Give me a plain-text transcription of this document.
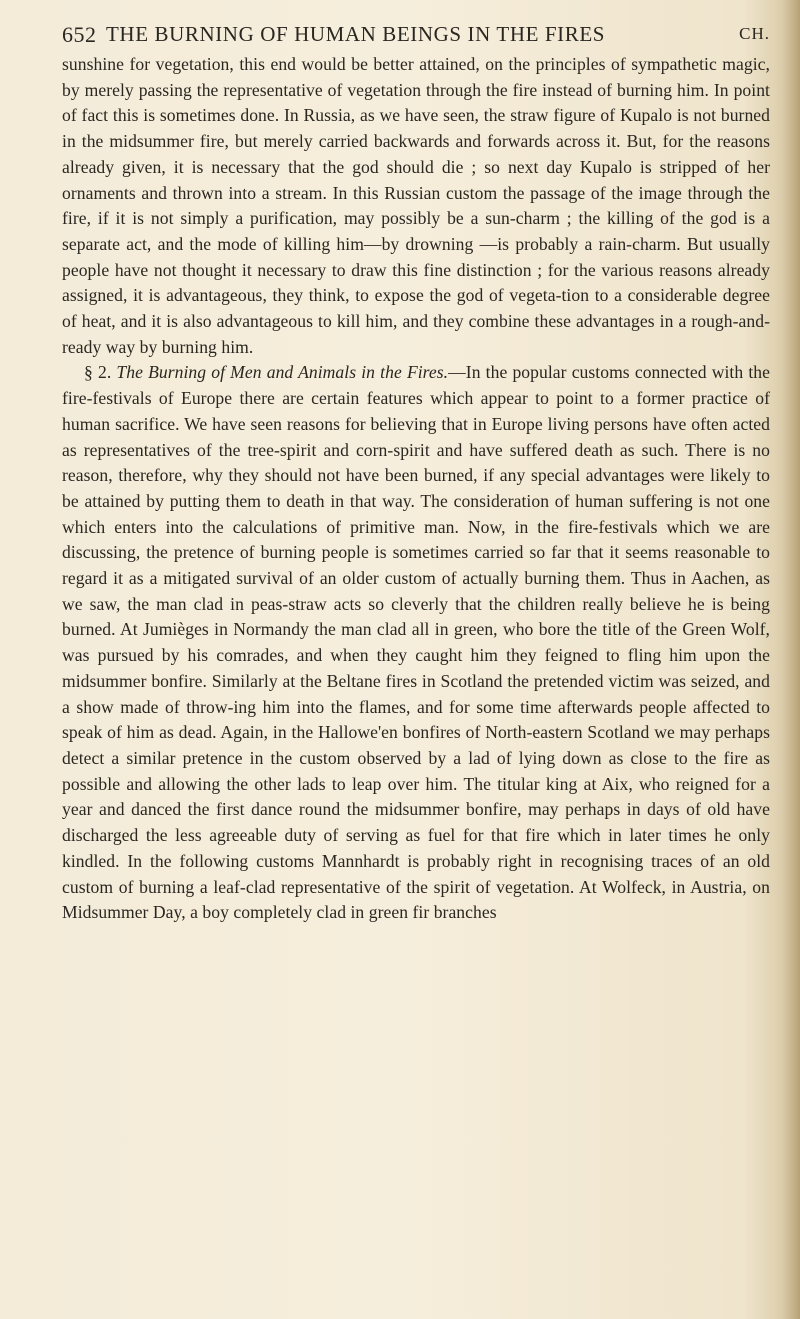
652 THE BURNING OF HUMAN BEINGS IN THE FIRES	CH.

sunshine for vegetation, this end would be better attained, on the principles of sympathetic magic, by merely passing the representative of vegetation through the fire instead of burning him. In point of fact this is sometimes done. In Russia, as we have seen, the straw figure of Kupalo is not burned in the midsummer fire, but merely carried backwards and forwards across it. But, for the reasons already given, it is necessary that the god should die ; so next day Kupalo is stripped of her ornaments and thrown into a stream. In this Russian custom the passage of the image through the fire, if it is not simply a purification, may possibly be a sun-charm ; the killing of the god is a separate act, and the mode of killing him—by drowning —is probably a rain-charm. But usually people have not thought it necessary to draw this fine distinction ; for the various reasons already assigned, it is advantageous, they think, to expose the god of vegeta-tion to a considerable degree of heat, and it is also advantageous to kill him, and they combine these advantages in a rough-and-ready way by burning him.

§ 2. The Burning of Men and Animals in the Fires.—In the popular customs connected with the fire-festivals of Europe there are certain features which appear to point to a former practice of human sacrifice. We have seen reasons for believing that in Europe living persons have often acted as representatives of the tree-spirit and corn-spirit and have suffered death as such. There is no reason, therefore, why they should not have been burned, if any special advantages were likely to be attained by putting them to death in that way. The consideration of human suffering is not one which enters into the calculations of primitive man. Now, in the fire-festivals which we are discussing, the pretence of burning people is sometimes carried so far that it seems reasonable to regard it as a mitigated survival of an older custom of actually burning them. Thus in Aachen, as we saw, the man clad in peas-straw acts so cleverly that the children really believe he is being burned. At Jumièges in Normandy the man clad all in green, who bore the title of the Green Wolf, was pursued by his comrades, and when they caught him they feigned to fling him upon the midsummer bonfire. Similarly at the Beltane fires in Scotland the pretended victim was seized, and a show made of throw-ing him into the flames, and for some time afterwards people affected to speak of him as dead. Again, in the Hallowe'en bonfires of North-eastern Scotland we may perhaps detect a similar pretence in the custom observed by a lad of lying down as close to the fire as possible and allowing the other lads to leap over him. The titular king at Aix, who reigned for a year and danced the first dance round the midsummer bonfire, may perhaps in days of old have discharged the less agreeable duty of serving as fuel for that fire which in later times he only kindled. In the following customs Mannhardt is probably right in recognising traces of an old custom of burning a leaf-clad representative of the spirit of vegetation. At Wolfeck, in Austria, on Midsummer Day, a boy completely clad in green fir branches
